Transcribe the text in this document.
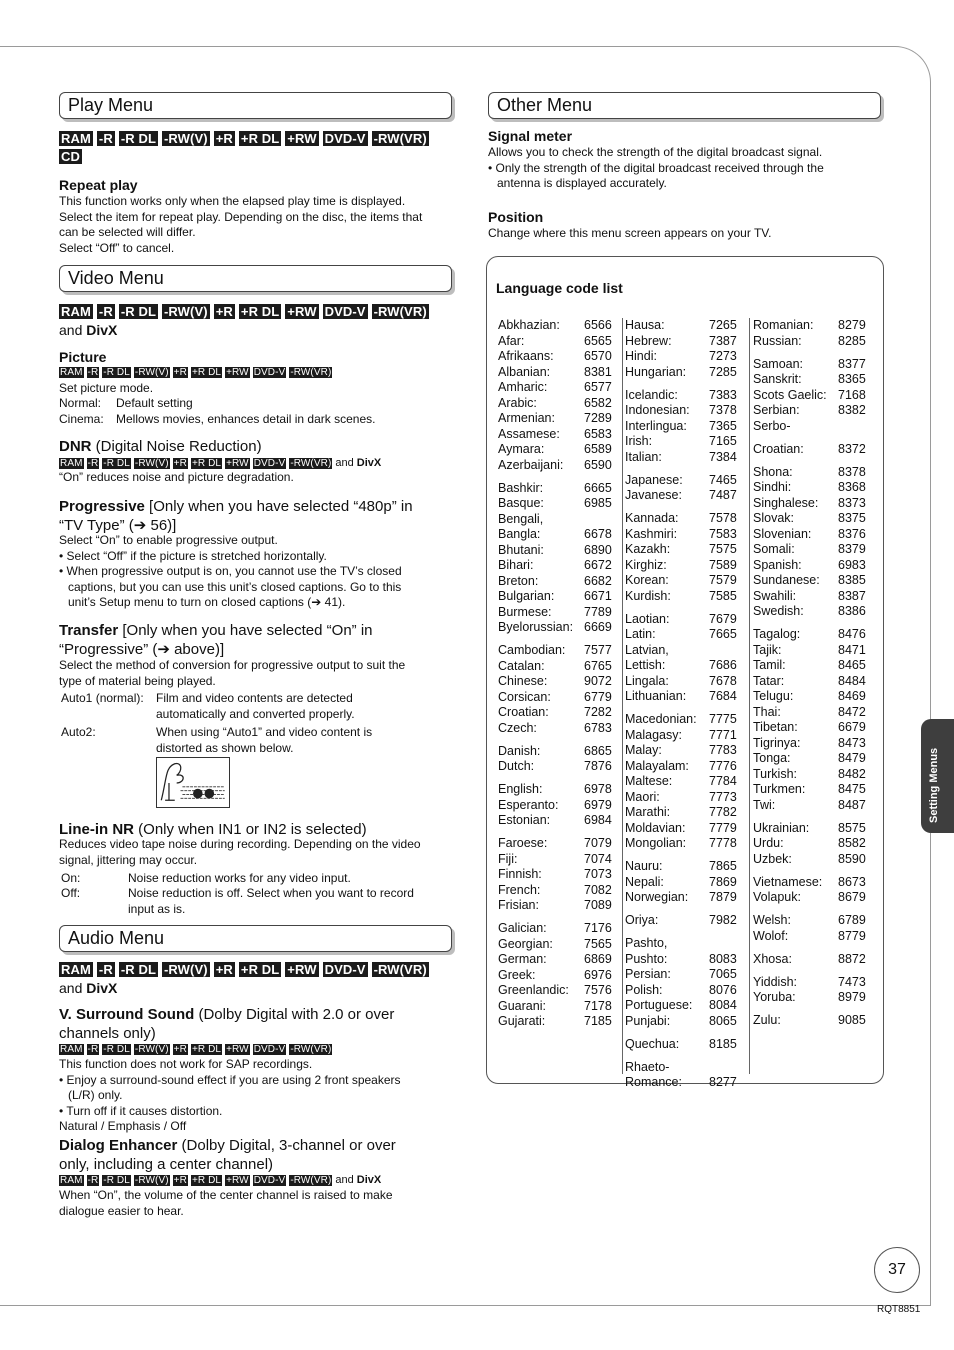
Play Menu
RAM -R -R DL -RW(V) +R +R DL +RW DVD-V -RW(VR)CD
Repeat play
This function works only when the elapsed play time is displayed.
Select the item for repeat play. Depending on the disc, the items that
can be selected will differ.
Select “Off” to cancel.
Video Menu
RAM -R -R DL -RW(V) +R +R DL +RW DVD-V -RW(VR)and DivX
Picture
RAM -R -R DL -RW(V) +R +R DL +RW DVD-V -RW(VR)
Set picture mode.
Normal:	Default setting
Cinema:	Mellows movies, enhances detail in dark scenes.
DNR (Digital Noise Reduction)
RAM -R -R DL -RW(V) +R +R DL +RW DVD-V -RW(VR) and DivX
“On” reduces noise and picture degradation.
Progressive [Only when you have selected “480p” in
“TV Type” (➔ 56)]
Select “On” to enable progressive output.
• Select “Off” if the picture is stretched horizontally.
• When progressive output is on, you cannot use the TV’s closed
captions, but you can use this unit’s closed captions. Go to this
unit’s Setup menu to turn on closed captions (➔ 41).
Transfer [Only when you have selected “On” in
“Progressive” (➔ above)]
Select the method of conversion for progressive output to suit the
type of material being played.
Auto1 (normal): Film and video contents are detected
automatically and converted properly.
Auto2:	When using “Auto1” and video content is
distorted as shown below.
Line-in NR (Only when IN1 or IN2 is selected)
Reduces video tape noise during recording. Depending on the video
signal, jittering may occur.
On:	Noise reduction works for any video input.
Off:	Noise reduction is off. Select when you want to record
input as is.
Audio Menu
RAM -R -R DL -RW(V) +R +R DL +RW DVD-V -RW(VR)and DivX
V. Surround Sound (Dolby Digital with 2.0 or over
channels only)
RAM -R -R DL -RW(V) +R +R DL +RW DVD-V -RW(VR)
This function does not work for SAP recordings.
• Enjoy a surround-sound effect if you are using 2 front speakers
(L/R) only.
• Turn off if it causes distortion.
Natural / Emphasis / Off
Dialog Enhancer (Dolby Digital, 3-channel or over
only, including a center channel)
RAM -R -R DL -RW(V) +R +R DL +RW DVD-V -RW(VR) and DivX
When “On”, the volume of the center channel is raised to make
dialogue easier to hear.
Other Menu
Signal meter
Allows you to check the strength of the digital broadcast signal.
• Only the strength of the digital broadcast received through the
antenna is displayed accurately.
Position
Change where this menu screen appears on your TV.
Language code list
Abkhazian: 6566
Afar:	6565
Afrikaans: 6570
Albanian:	8381
Amharic:	6577
Arabic:	6582
Armenian: 7289
Assamese: 6583
Aymara:	6589
Azerbaijani: 6590
Bashkir:	6665
Basque:	6985
Bengali,
Bangla:	6678
Bhutani:	6890
Bihari:	6672
Breton:	6682
Bulgarian: 6671
Burmese:	7789
Byelorussian: 6669
Cambodian: 7577
Catalan:	6765
Chinese:	9072
Corsican:	6779
Croatian:	7282
Czech:	6783
Danish:	6865
Dutch:	7876
English:	6978
Esperanto: 6979
Estonian:	6984
Faroese:	7079
Fiji:	7074
Finnish:	7073
French:	7082
Frisian:	7089
Galician:	7176
Georgian: 7565
German:	6869
Greek:	6976
Greenlandic: 7576
Guarani:	7178
Gujarati:	7185
Hausa:	7265
Hebrew:	7387
Hindi:	7273
Hungarian: 7285
Icelandic: 7383
Indonesian: 7378
Interlingua: 7365
Irish:	7165
Italian:	7384
Japanese: 7465
Javanese: 7487
Kannada: 7578
Kashmiri:	7583
Kazakh:	7575
Kirghiz:	7589
Korean:	7579
Kurdish:	7585
Laotian:	7679
Latin:	7665
Latvian,
Lettish:	7686
Lingala:	7678
Lithuanian: 7684
Macedonian: 7775
Malagasy: 7771
Malay:	7783
Malayalam: 7776
Maltese:	7784
Maori:	7773
Marathi:	7782
Moldavian: 7779
Mongolian: 7778
Nauru:	7865
Nepali:	7869
Norwegian: 7879
Oriya:	7982
Pashto,
Pushto:	8083
Persian:	7065
Polish:	8076
Portuguese: 8084
Punjabi:	8065
Quechua: 8185
Rhaeto-
Romance: 8277
Romanian: 8279
Russian:	8285
Samoan:	8377
Sanskrit:	8365
Scots Gaelic: 7168
Serbian:	8382
Serbo-
Croatian:	8372
Shona:	8378
Sindhi:	8368
Singhalese: 8373
Slovak:	8375
Slovenian: 8376
Somali:	8379
Spanish:	6983
Sundanese: 8385
Swahili:	8387
Swedish:	8386
Tagalog:	8476
Tajik:	8471
Tamil:	8465
Tatar:	8484
Telugu:	8469
Thai:	8472
Tibetan:	6679
Tigrinya:	8473
Tonga:	8479
Turkish:	8482
Turkmen:	8475
Twi:	8487
Ukrainian: 8575
Urdu:	8582
Uzbek:	8590
Vietnamese: 8673
Volapuk:	8679
Welsh:	6789
Wolof:	8779
Xhosa:	8872
Yiddish:	7473
Yoruba:	8979
Zulu:	9085
Setting Menus
37
RQT8851
